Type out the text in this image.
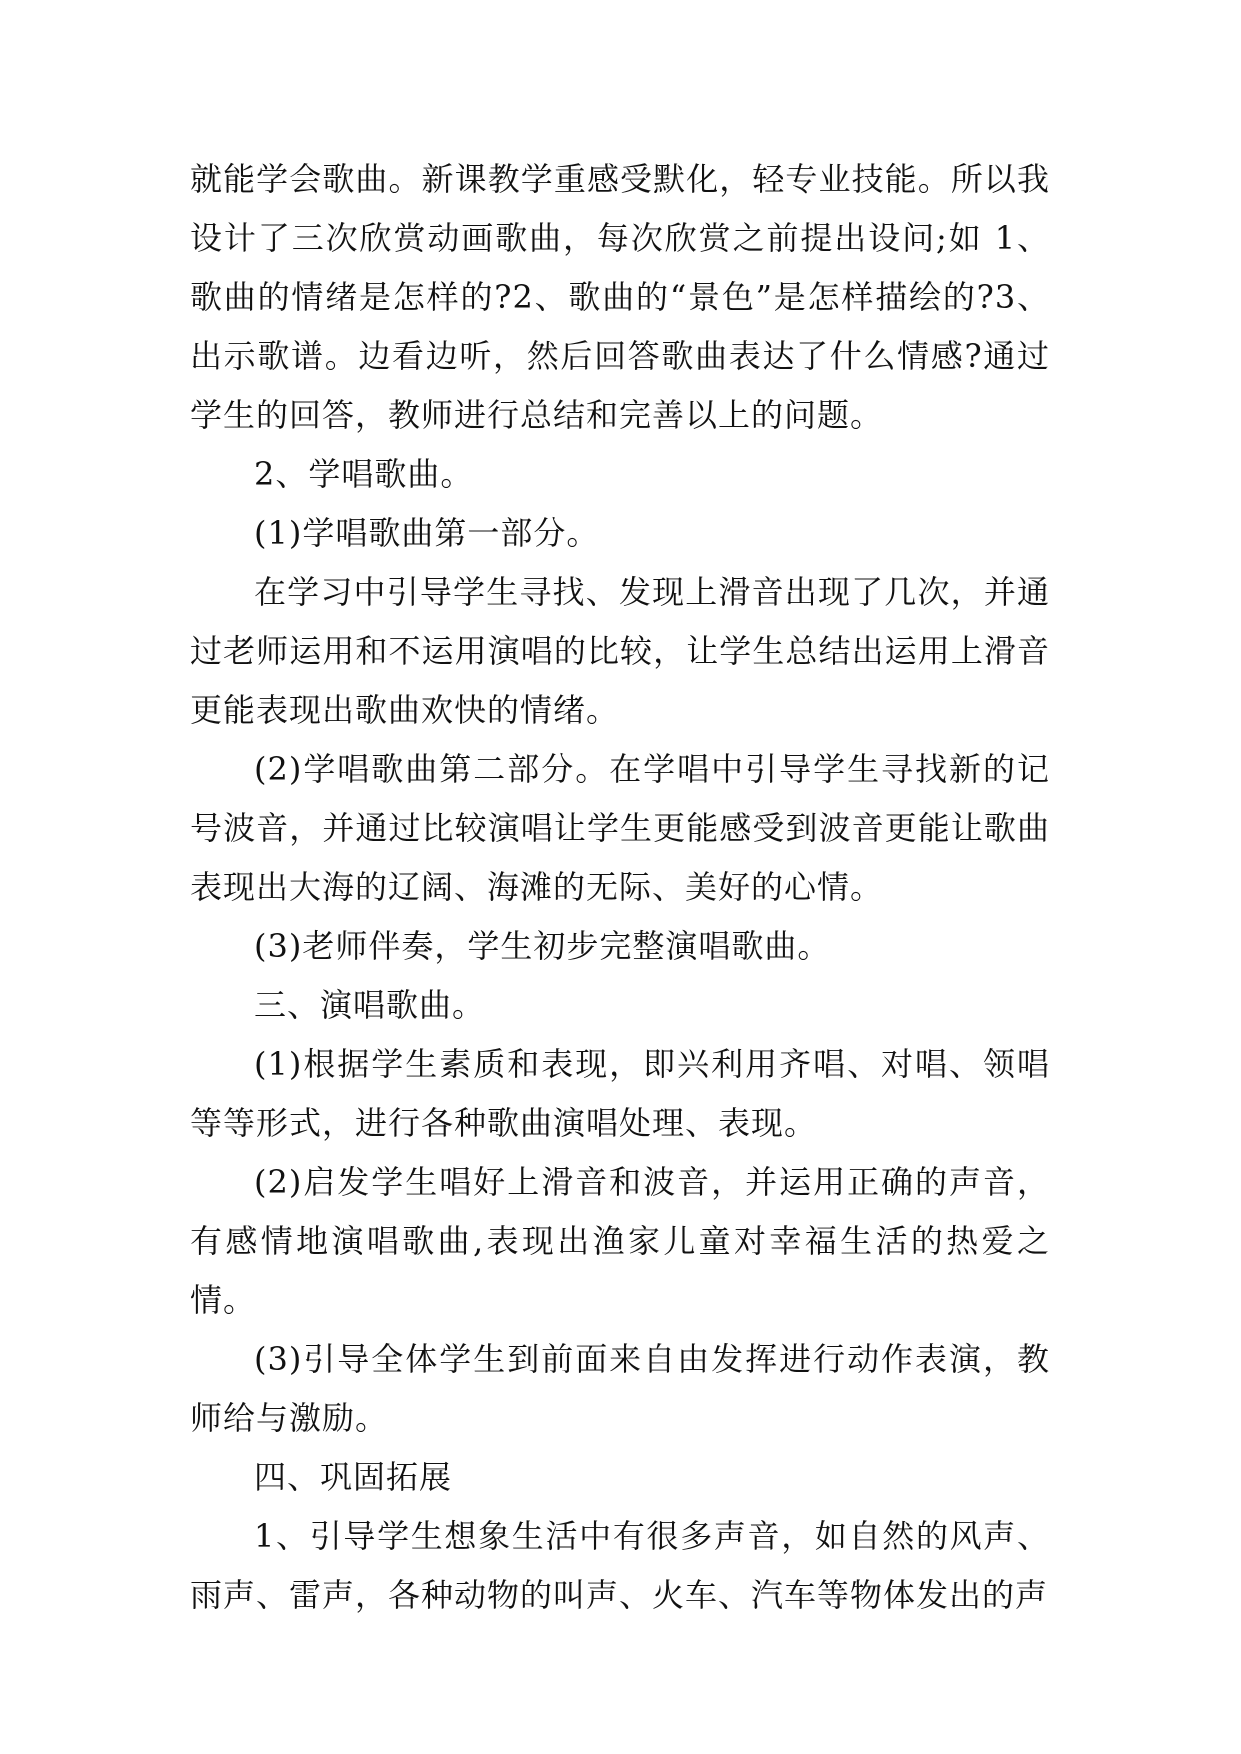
就能学会歌曲。新课教学重感受默化，轻专业技能。所以我设计了三次欣赏动画歌曲，每次欣赏之前提出设问;如 1、歌曲的情绪是怎样的?2、歌曲的“景色”是怎样描绘的?3、出示歌谱。边看边听，然后回答歌曲表达了什么情感?通过学生的回答，教师进行总结和完善以上的问题。

2、学唱歌曲。

(1)学唱歌曲第一部分。

在学习中引导学生寻找、发现上滑音出现了几次，并通过老师运用和不运用演唱的比较，让学生总结出运用上滑音更能表现出歌曲欢快的情绪。

(2)学唱歌曲第二部分。在学唱中引导学生寻找新的记号波音，并通过比较演唱让学生更能感受到波音更能让歌曲表现出大海的辽阔、海滩的无际、美好的心情。

(3)老师伴奏，学生初步完整演唱歌曲。

三、演唱歌曲。

(1)根据学生素质和表现，即兴利用齐唱、对唱、领唱等等形式，进行各种歌曲演唱处理、表现。

(2)启发学生唱好上滑音和波音，并运用正确的声音，有感情地演唱歌曲,表现出渔家儿童对幸福生活的热爱之情。

(3)引导全体学生到前面来自由发挥进行动作表演，教师给与激励。

四、巩固拓展

1、引导学生想象生活中有很多声音，如自然的风声、雨声、雷声，各种动物的叫声、火车、汽车等物体发出的声
